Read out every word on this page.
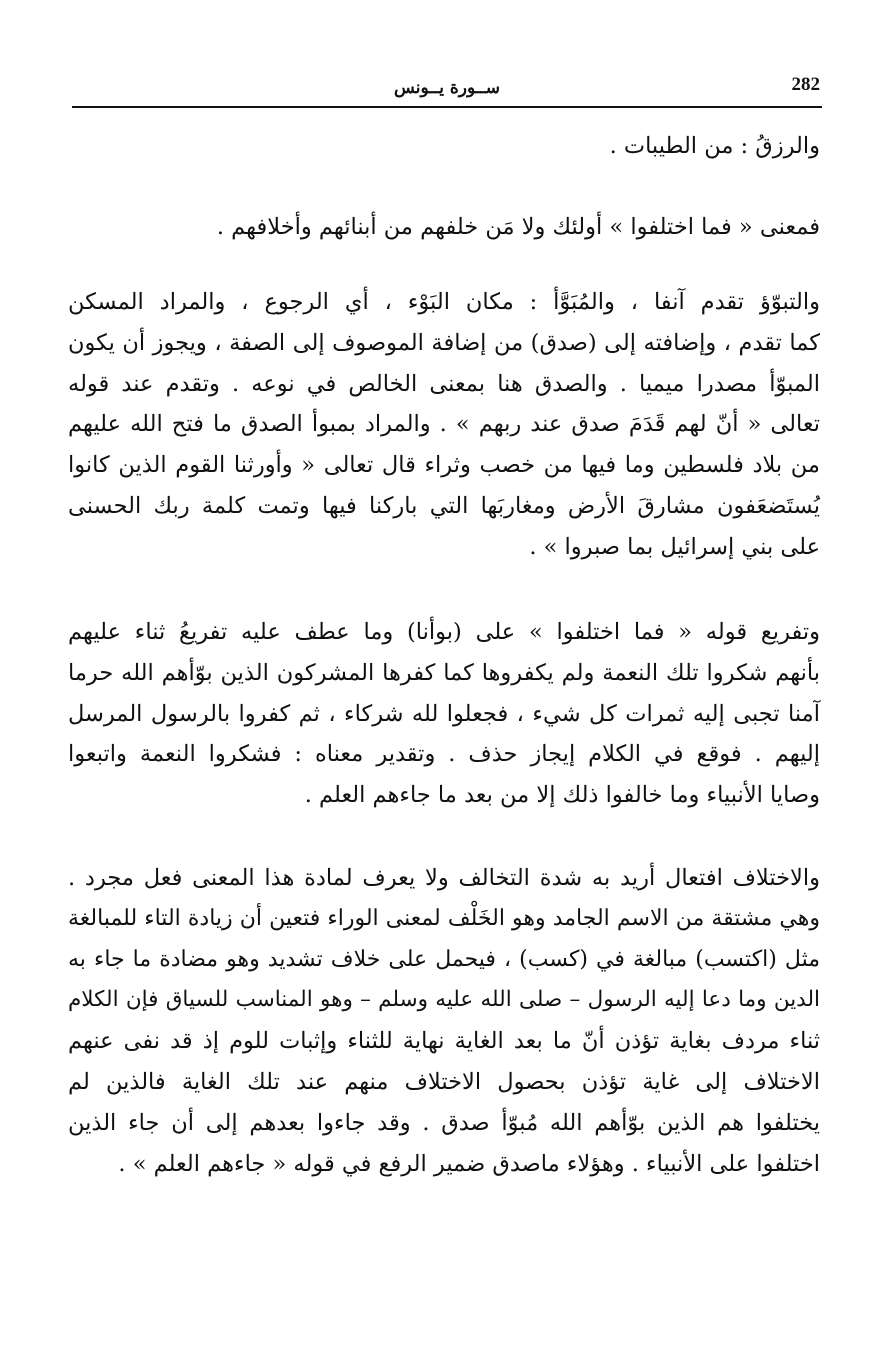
282
ســورة يــونس
والرزقُ : من الطيبات .
فمعنى « فما اختلفوا » أولئك ولا مَن خلفهم من أبنائهم وأخلافهم .
والتبوّؤ تقدم آنفا ، والمُبَوَّأ : مكان البَوْء ، أي الرجوع ، والمراد المسكن
كما تقدم ، وإضافته إلى (صدق) من إضافة الموصوف إلى الصفة ، ويجوز أن يكون
المبوّأ مصدرا ميميا . والصدق هنا بمعنى الخالص في نوعه . وتقدم عند قوله
تعالى « أنّ لهم قَدَمَ صدق عند ربهم » . والمراد بمبوأ الصدق ما فتح الله عليهم
من بلاد فلسطين وما فيها من خصب وثراء قال تعالى « وأورثنا القوم الذين كانوا
يُستَضعَفون مشارقَ الأرض ومغاربَها التي باركنا فيها وتمت كلمة ربك الحسنى
على بني إسرائيل بما صبروا » .
وتفريع قوله « فما اختلفوا » على (بوأنا) وما عطف عليه تفريعُ ثناء عليهم
بأنهم شكروا تلك النعمة ولم يكفروها كما كفرها المشركون الذين بوّأهم الله حرما
آمنا تجبى إليه ثمرات كل شيء ، فجعلوا لله شركاء ، ثم كفروا بالرسول المرسل
إليهم . فوقع في الكلام إيجاز حذف . وتقدير معناه : فشكروا النعمة واتبعوا
وصايا الأنبياء وما خالفوا ذلك إلا من بعد ما جاءهم العلم .
والاختلاف افتعال أريد به شدة التخالف ولا يعرف لمادة هذا المعنى فعل مجرد .
وهي مشتقة من الاسم الجامد وهو الخَلْف لمعنى الوراء فتعين أن زيادة التاء للمبالغة
مثل (اكتسب) مبالغة في (كسب) ، فيحمل على خلاف تشديد وهو مضادة ما جاء به
الدين وما دعا إليه الرسول – صلى الله عليه وسلم – وهو المناسب للسياق فإن الكلام
ثناء مردف بغاية تؤذن أنّ ما بعد الغاية نهاية للثناء وإثبات للوم إذ قد نفى عنهم
الاختلاف إلى غاية تؤذن بحصول الاختلاف منهم عند تلك الغاية فالذين لم
يختلفوا هم الذين بوّأهم الله مُبوّأ صدق . وقد جاءوا بعدهم إلى أن جاء الذين
اختلفوا على الأنبياء . وهؤلاء ماصدق ضمير الرفع في قوله « جاءهم العلم » .
